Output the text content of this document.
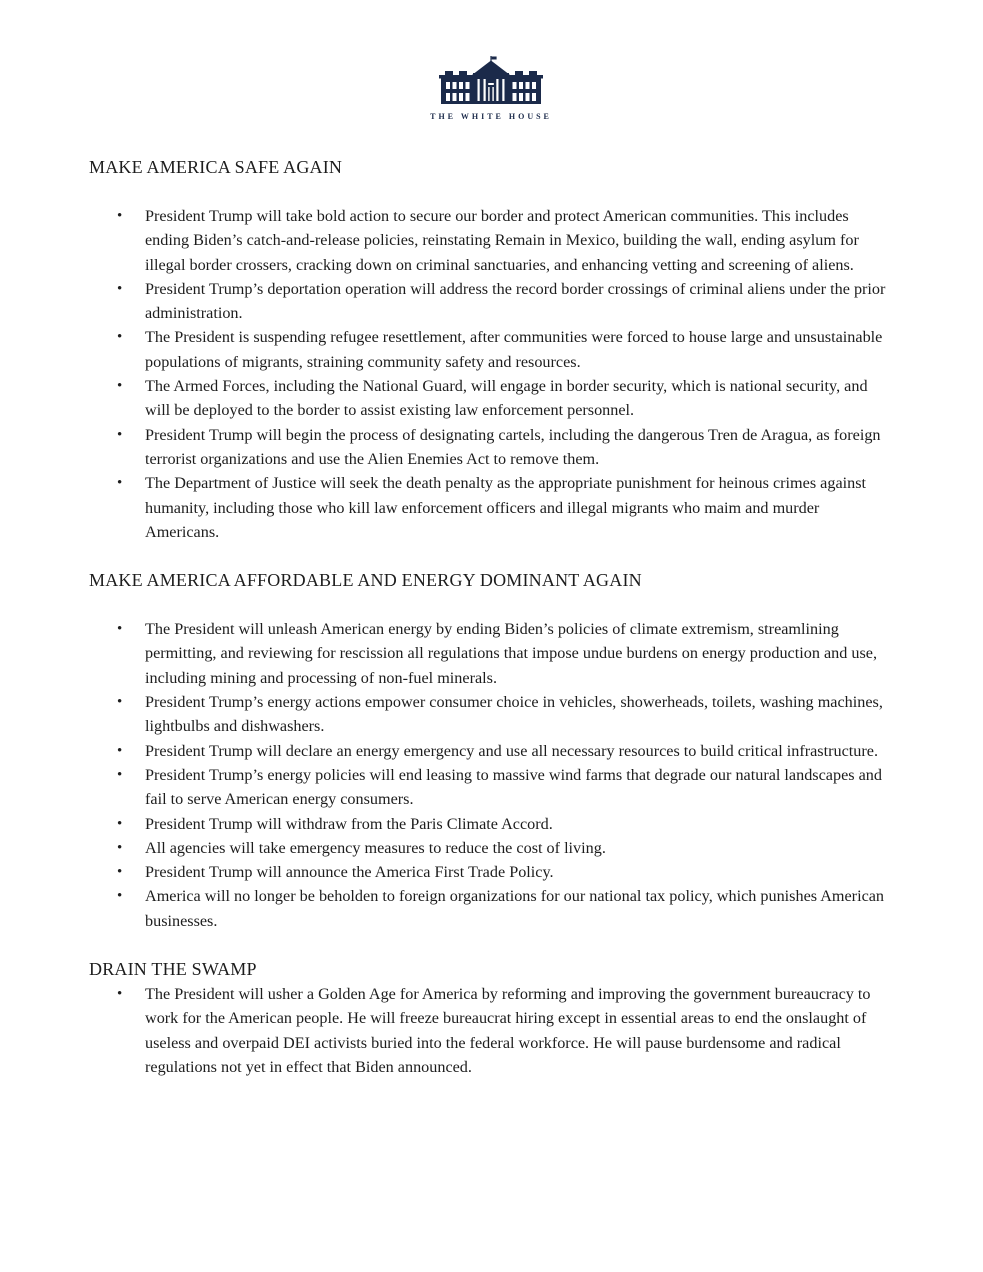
THE WHITE HOUSE
MAKE AMERICA SAFE AGAIN
• President Trump will take bold action to secure our border and protect American communities. This includes ending Biden’s catch-and-release policies, reinstating Remain in Mexico, building the wall, ending asylum for illegal border crossers, cracking down on criminal sanctuaries, and enhancing vetting and screening of aliens.
• President Trump’s deportation operation will address the record border crossings of criminal aliens under the prior administration.
• The President is suspending refugee resettlement, after communities were forced to house large and unsustainable populations of migrants, straining community safety and resources.
• The Armed Forces, including the National Guard, will engage in border security, which is national security, and will be deployed to the border to assist existing law enforcement personnel.
• President Trump will begin the process of designating cartels, including the dangerous Tren de Aragua, as foreign terrorist organizations and use the Alien Enemies Act to remove them.
• The Department of Justice will seek the death penalty as the appropriate punishment for heinous crimes against humanity, including those who kill law enforcement officers and illegal migrants who maim and murder Americans.
MAKE AMERICA AFFORDABLE AND ENERGY DOMINANT AGAIN
• The President will unleash American energy by ending Biden’s policies of climate extremism, streamlining permitting, and reviewing for rescission all regulations that impose undue burdens on energy production and use, including mining and processing of non-fuel minerals.
• President Trump’s energy actions empower consumer choice in vehicles, showerheads, toilets, washing machines, lightbulbs and dishwashers.
• President Trump will declare an energy emergency and use all necessary resources to build critical infrastructure.
• President Trump’s energy policies will end leasing to massive wind farms that degrade our natural landscapes and fail to serve American energy consumers.
• President Trump will withdraw from the Paris Climate Accord.
• All agencies will take emergency measures to reduce the cost of living.
• President Trump will announce the America First Trade Policy.
• America will no longer be beholden to foreign organizations for our national tax policy, which punishes American businesses.
DRAIN THE SWAMP
• The President will usher a Golden Age for America by reforming and improving the government bureaucracy to work for the American people. He will freeze bureaucrat hiring except in essential areas to end the onslaught of useless and overpaid DEI activists buried into the federal workforce. He will pause burdensome and radical regulations not yet in effect that Biden announced.
